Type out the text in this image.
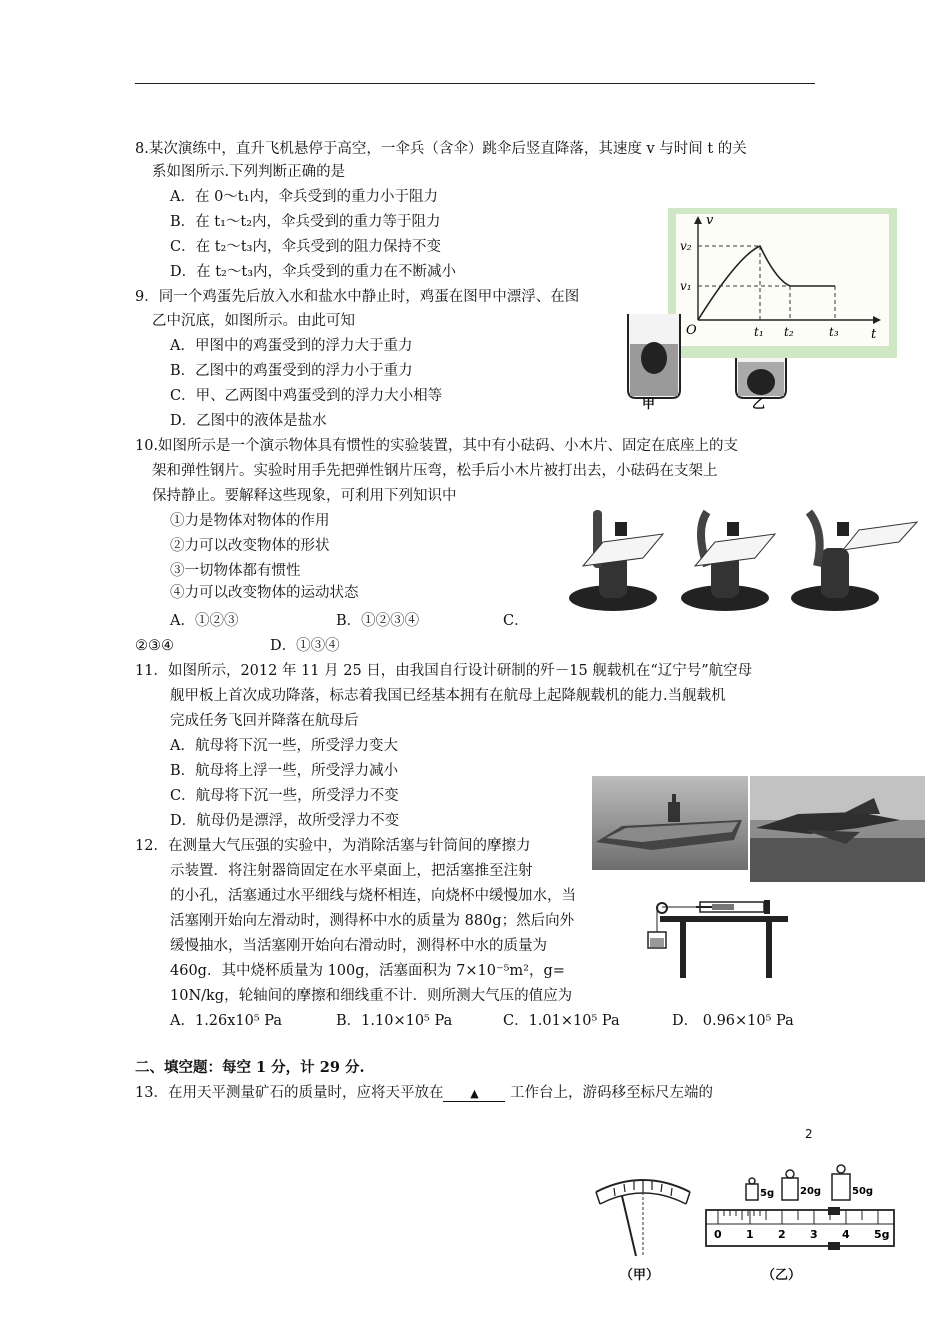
8.某次演练中，直升飞机悬停于高空，一伞兵（含伞）跳伞后竖直降落，其速度 v 与时间 t 的关
系如图所示.下列判断正确的是
A．在 0～t₁内，伞兵受到的重力小于阻力
B．在 t₁～t₂内，伞兵受到的重力等于阻力
C．在 t₂～t₃内，伞兵受到的阻力保持不变
D．在 t₂～t₃内，伞兵受到的重力在不断减小
v
t
O
v₂
v₁
t₁ t₂	t₃
9．同一个鸡蛋先后放入水和盐水中静止时，鸡蛋在图甲中漂浮、在图
乙中沉底，如图所示。由此可知
A．甲图中的鸡蛋受到的浮力大于重力
B．乙图中的鸡蛋受到的浮力小于重力
C．甲、乙两图中鸡蛋受到的浮力大小相等
D．乙图中的液体是盐水
甲	乙
10.如图所示是一个演示物体具有惯性的实验装置，其中有小砝码、小木片、固定在底座上的支
架和弹性钢片。实验时用手先把弹性钢片压弯，松手后小木片被打出去，小砝码在支架上
保持静止。要解释这些现象，可利用下列知识中
①力是物体对物体的作用
②力可以改变物体的形状
③一切物体都有惯性
④力可以改变物体的运动状态
A．①②③	B．①②③④	C．
②③④	D．①③④
11．如图所示，2012 年 11 月 25 日，由我国自行设计研制的歼－15 舰载机在“辽宁号”航空母
舰甲板上首次成功降落，标志着我国已经基本拥有在航母上起降舰载机的能力.当舰载机
完成任务飞回并降落在航母后
A．航母将下沉一些，所受浮力变大
B．航母将上浮一些，所受浮力减小
C．航母将下沉一些，所受浮力不变
D．航母仍是漂浮，故所受浮力不变
12．在测量大气压强的实验中，为消除活塞与针筒间的摩擦力
示装置．将注射器筒固定在水平桌面上，把活塞推至注射
的小孔，活塞通过水平细线与烧杯相连，向烧杯中缓慢加水，当
活塞刚开始向左滑动时，测得杯中水的质量为 880g；然后向外
缓慢抽水，当活塞刚开始向右滑动时，测得杯中水的质量为
460g．其中烧杯质量为 100g，活塞面积为 7×10⁻⁵m²，g=
10N/kg，轮轴间的摩擦和细线重不计．则所测大气压的值应为
A．1.26x10⁵ Pa	B．1.10×10⁵ Pa	C．1.01×10⁵ Pa	D． 0.96×10⁵ Pa
二、填空题：每空 1 分，计 29 分.
13．在用天平测量矿石的质量时，应将天平放在 ▲ 工作台上，游码移至标尺左端的
2
（甲）
5g	20g	50g
0 1 2 3 4 5g
（乙）
